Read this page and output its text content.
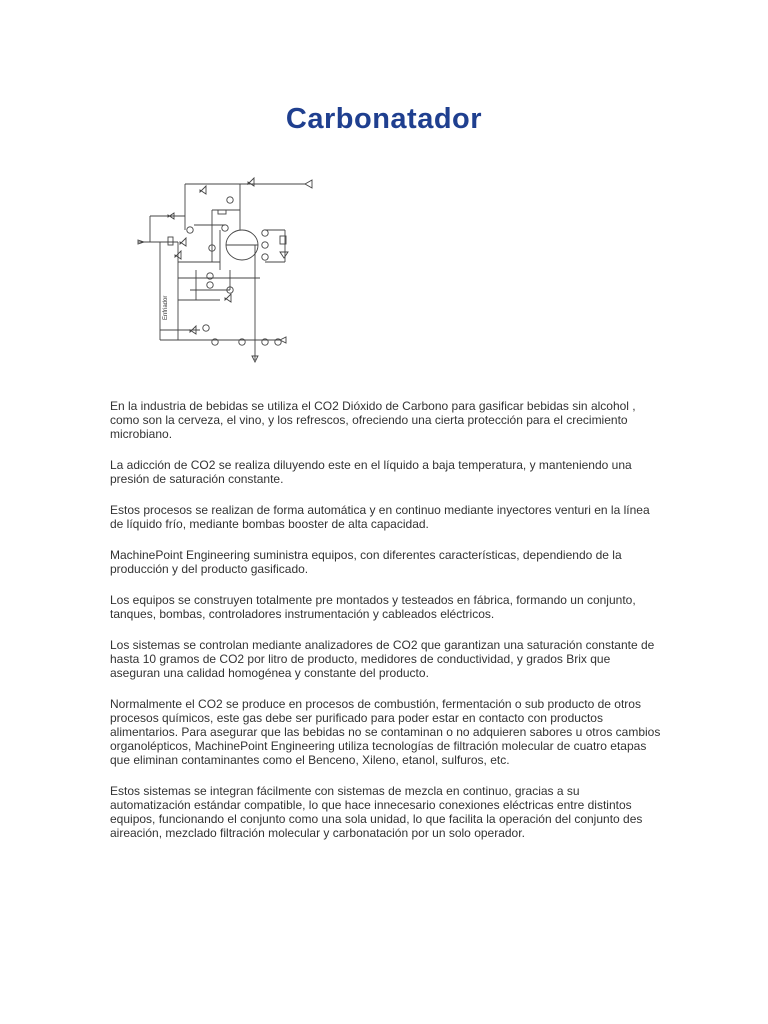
Carbonatador
Enfriador

En la industria de bebidas se utiliza el CO2 Dióxido de Carbono para gasificar bebidas sin alcohol , como son la cerveza, el vino, y los refrescos, ofreciendo una cierta protección para el crecimiento microbiano.

La adicción de CO2 se realiza diluyendo este en el líquido a baja temperatura, y manteniendo una presión de saturación constante.

Estos procesos se realizan de forma automática y en continuo mediante inyectores venturi en la línea de líquido frío, mediante bombas booster de alta capacidad.

MachinePoint Engineering suministra equipos, con diferentes características, dependiendo de la producción y del producto gasificado.

Los equipos se construyen totalmente pre montados y testeados en fábrica, formando un conjunto, tanques, bombas, controladores instrumentación y cableados eléctricos.

Los sistemas se controlan mediante analizadores de CO2 que garantizan una saturación constante de hasta 10 gramos de CO2 por litro de producto, medidores de conductividad, y grados Brix que aseguran una calidad homogénea y constante del producto.

Normalmente el CO2 se produce en procesos de combustión, fermentación o sub producto de otros procesos químicos, este gas debe ser purificado para poder estar en contacto con productos alimentarios. Para asegurar que las bebidas no se contaminan o no adquieren sabores u otros cambios organolépticos, MachinePoint Engineering utiliza tecnologías de filtración molecular de cuatro etapas que eliminan contaminantes como el Benceno, Xileno, etanol, sulfuros, etc.

Estos sistemas se integran fácilmente con sistemas de mezcla en continuo, gracias a su automatización estándar compatible, lo que hace innecesario conexiones eléctricas entre distintos equipos, funcionando el conjunto como una sola unidad, lo que facilita la operación del conjunto des aireación, mezclado filtración molecular y carbonatación por un solo operador.
